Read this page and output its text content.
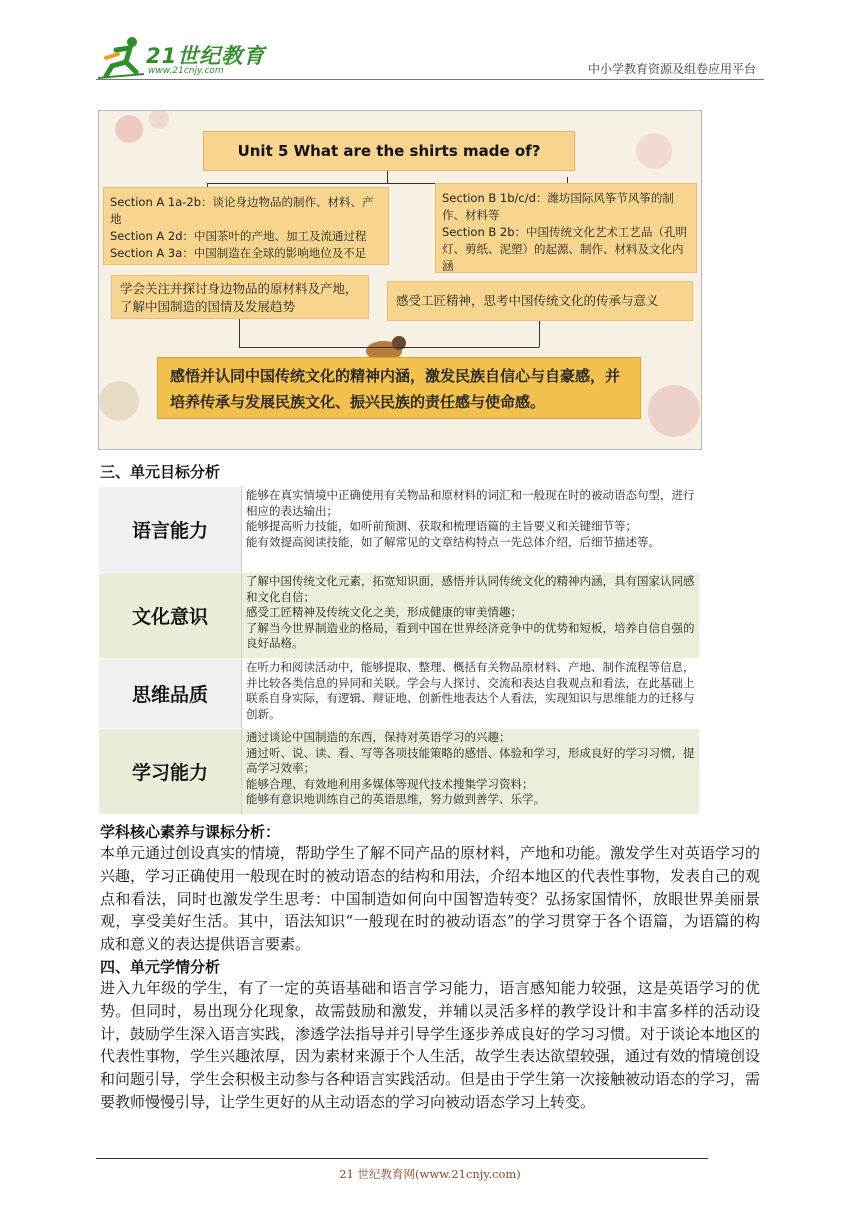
21世纪教育
www.21cnjy.com	中小学教育资源及组卷应用平台
Unit 5 What are the shirts made of?

Section A 1a-2b：谈论身边物品的制作、材料、产地

Section A 2d：中国茶叶的产地、加工及流通过程

Section A 3a：中国制造在全球的影响地位及不足

Section B 1b/c/d：潍坊国际风筝节风筝的制作、材料等

Section B 2b：中国传统文化艺术工艺品（孔明灯、剪纸、泥塑）的起源、制作、材料及文化内涵

学会关注并探讨身边物品的原材料及产地，了解中国制造的国情及发展趋势	感受工匠精神，思考中国传统文化的传承与意义
感悟并认同中国传统文化的精神内涵，激发民族自信心与自豪感，并培养传承与发展民族文化、振兴民族的责任感与使命感。
三、单元目标分析
语言能力	能够在真实情境中正确使用有关物品和原材料的词汇和一般现在时的被动语态句型，进行相应的表达输出；

能够提高听力技能，如听前预测、获取和梳理语篇的主旨要义和关键细节等；

能有效提高阅读技能，如了解常见的文章结构特点一先总体介绍，后细节描述等。

文化意识	了解中国传统文化元素，拓宽知识面，感悟并认同传统文化的精神内涵，具有国家认同感和文化自信；

感受工匠精神及传统文化之美，形成健康的审美情趣；

了解当今世界制造业的格局，看到中国在世界经济竞争中的优势和短板，培养自信自强的良好品格。

思维品质	在听力和阅读活动中，能够提取、整理、概括有关物品原材料、产地、制作流程等信息，并比较各类信息的异同和关联。学会与人探讨、交流和表达自我观点和看法，在此基础上联系自身实际，有逻辑、辩证地、创新性地表达个人看法，实现知识与思维能力的迁移与创新。

学习能力	通过谈论中国制造的东西，保持对英语学习的兴趣；

通过听、说、读、看、写等各项技能策略的感悟、体验和学习，形成良好的学习习惯，提高学习效率；

能够合理、有效地利用多媒体等现代技术搜集学习资料；

能够有意识地训练自己的英语思维，努力做到善学、乐学。

学科核心素养与课标分析：
本单元通过创设真实的情境，帮助学生了解不同产品的原材料，产地和功能。激发学生对英语学习的兴趣，学习正确使用一般现在时的被动语态的结构和用法，介绍本地区的代表性事物，发表自己的观点和看法，同时也激发学生思考：中国制造如何向中国智造转变？弘扬家国情怀，放眼世界美丽景观，享受美好生活。其中，语法知识“一般现在时的被动语态”的学习贯穿于各个语篇，为语篇的构成和意义的表达提供语言要素。
四、单元学情分析
进入九年级的学生，有了一定的英语基础和语言学习能力，语言感知能力较强，这是英语学习的优势。但同时，易出现分化现象，故需鼓励和激发，并辅以灵活多样的教学设计和丰富多样的活动设计，鼓励学生深入语言实践，渗透学法指导并引导学生逐步养成良好的学习习惯。对于谈论本地区的代表性事物，学生兴趣浓厚，因为素材来源于个人生活，故学生表达欲望较强，通过有效的情境创设和问题引导，学生会积极主动参与各种语言实践活动。但是由于学生第一次接触被动语态的学习，需要教师慢慢引导，让学生更好的从主动语态的学习向被动语态学习上转变。
21 世纪教育网(www.21cnjy.com)
